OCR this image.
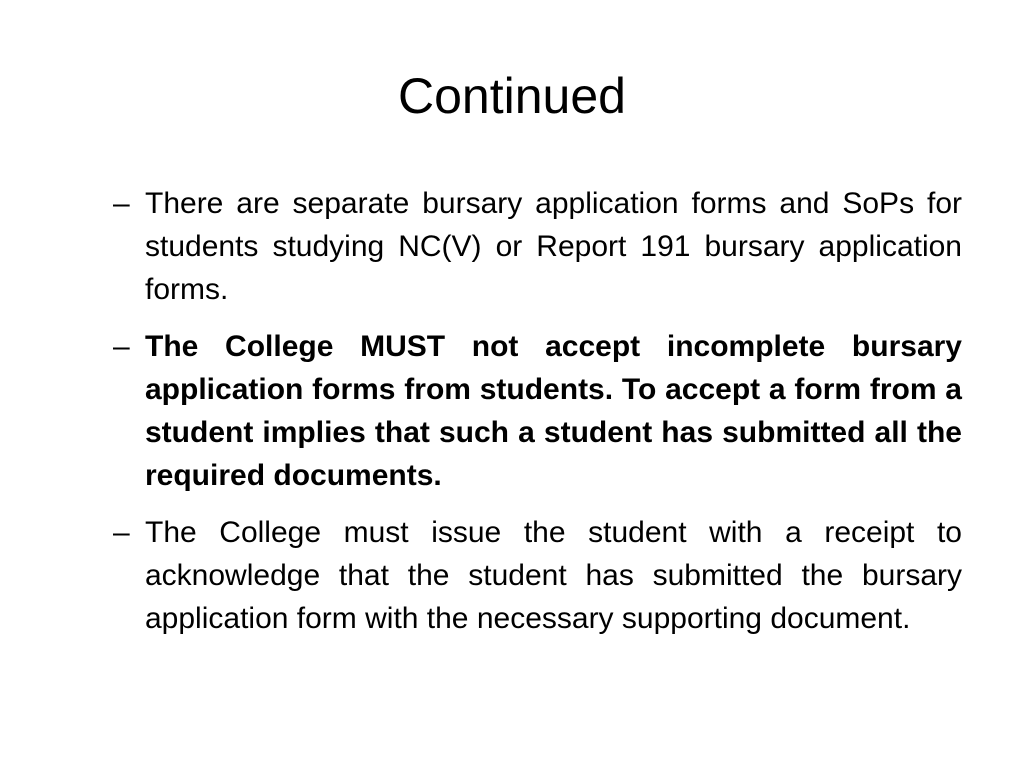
Continued
– There are separate bursary application forms and SoPs for students studying NC(V) or Report 191 bursary application forms.
– The College MUST not accept incomplete bursary application forms from students. To accept a form from a student implies that such a student has submitted all the required documents.
– The College must issue the student with a receipt to acknowledge that the student has submitted the bursary application form with the necessary supporting document.
